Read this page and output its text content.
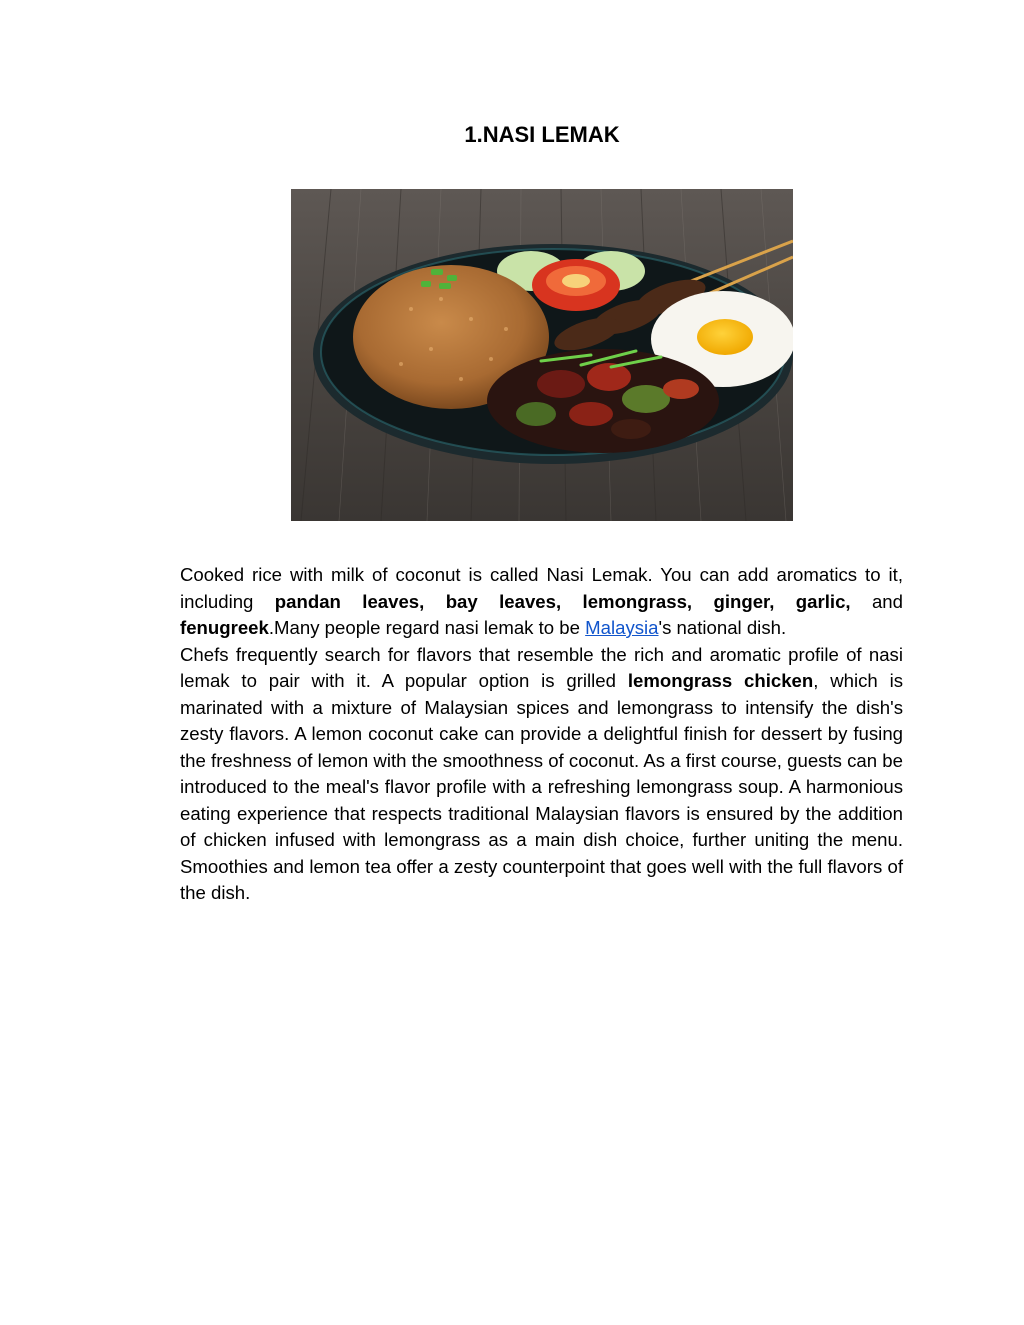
1.NASI LEMAK

Cooked rice with milk of coconut is called Nasi Lemak. You can add aromatics to it, including pandan leaves, bay leaves, lemongrass, ginger, garlic, and fenugreek.Many people regard nasi lemak to be Malaysia's national dish.

Chefs frequently search for flavors that resemble the rich and aromatic profile of nasi lemak to pair with it. A popular option is grilled lemongrass chicken, which is marinated with a mixture of Malaysian spices and lemongrass to intensify the dish's zesty flavors. A lemon coconut cake can provide a delightful finish for dessert by fusing the freshness of lemon with the smoothness of coconut. As a first course, guests can be introduced to the meal's flavor profile with a refreshing lemongrass soup. A harmonious eating experience that respects traditional Malaysian flavors is ensured by the addition of chicken infused with lemongrass as a main dish choice, further uniting the menu. Smoothies and lemon tea offer a zesty counterpoint that goes well with the full flavors of the dish.
